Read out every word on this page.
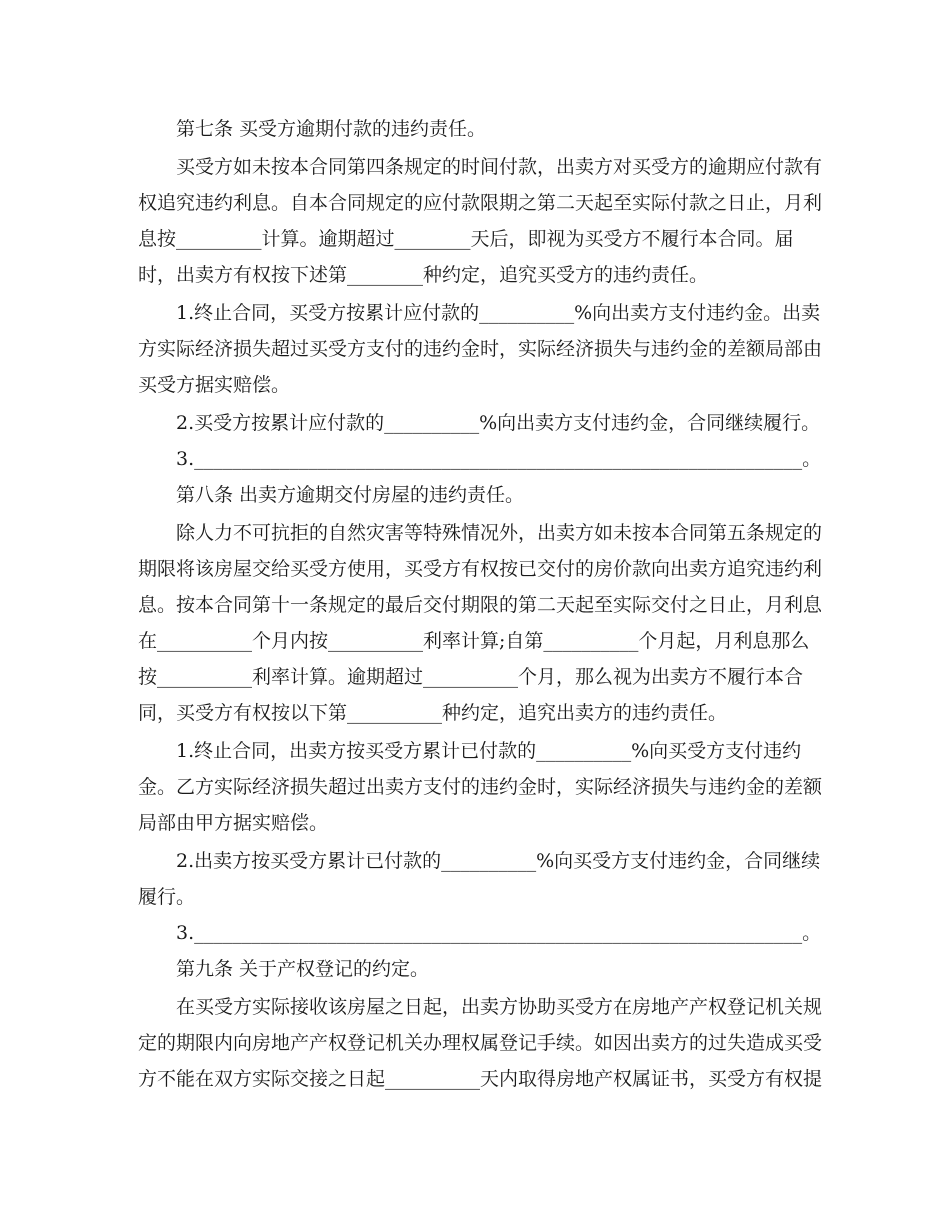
第七条 买受方逾期付款的违约责任。

买受方如未按本合同第四条规定的时间付款，出卖方对买受方的逾期应付款有

权追究违约利息。自本合同规定的应付款限期之第二天起至实际付款之日止，月利

息按_________计算。逾期超过________天后，即视为买受方不履行本合同。届

时，出卖方有权按下述第________种约定，追究买受方的违约责任。

1.终止合同，买受方按累计应付款的__________%向出卖方支付违约金。出卖

方实际经济损失超过买受方支付的违约金时，实际经济损失与违约金的差额局部由

买受方据实赔偿。

2.买受方按累计应付款的__________%向出卖方支付违约金，合同继续履行。

3.________________________________________________________________。

第八条 出卖方逾期交付房屋的违约责任。

除人力不可抗拒的自然灾害等特殊情况外，出卖方如未按本合同第五条规定的

期限将该房屋交给买受方使用，买受方有权按已交付的房价款向出卖方追究违约利

息。按本合同第十一条规定的最后交付期限的第二天起至实际交付之日止，月利息

在__________个月内按__________利率计算;自第__________个月起，月利息那么

按__________利率计算。逾期超过__________个月，那么视为出卖方不履行本合

同，买受方有权按以下第__________种约定，追究出卖方的违约责任。

1.终止合同，出卖方按买受方累计已付款的__________%向买受方支付违约

金。乙方实际经济损失超过出卖方支付的违约金时，实际经济损失与违约金的差额

局部由甲方据实赔偿。

2.出卖方按买受方累计已付款的__________%向买受方支付违约金，合同继续

履行。

3.________________________________________________________________。

第九条 关于产权登记的约定。

在买受方实际接收该房屋之日起，出卖方协助买受方在房地产产权登记机关规

定的期限内向房地产产权登记机关办理权属登记手续。如因出卖方的过失造成买受

方不能在双方实际交接之日起__________天内取得房地产权属证书，买受方有权提
